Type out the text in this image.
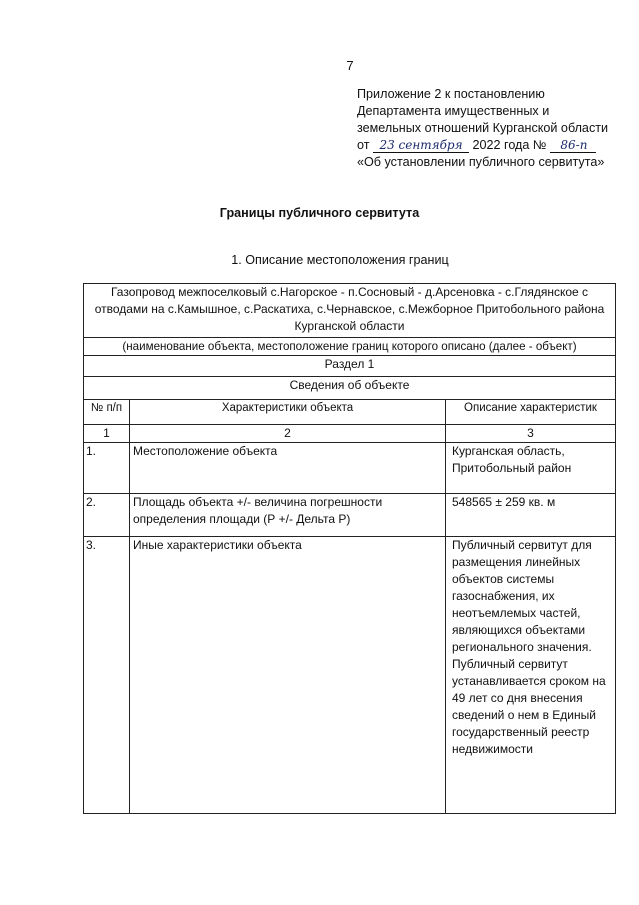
7
Приложение 2 к постановлению
Департамента имущественных и
земельных отношений Курганской области
от 23 сентября 2022 года № 86-п
«Об установлении публичного сервитута»
Границы публичного сервитута
1. Описание местоположения границ
Газопровод межпоселковый с.Нагорское - п.Сосновый - д.Арсеновка - с.Глядянское с отводами на с.Камышное, с.Раскатиха, с.Чернавское, с.Межборное Притобольного района Курганской области		
(наименование объекта, местоположение границ которого описано (далее - объект)		
Раздел 1		
Сведения об объекте		
№ п/п	Характеристики объекта	Описание характеристик
1	2	3
1.	Местоположение объекта	Курганская область, Притобольный район
2.	Площадь объекта +/- величина погрешности определения площади (Р +/- Дельта Р)	548565 ± 259 кв. м
3.	Иные характеристики объекта	Публичный сервитут для размещения линейных объектов системы газоснабжения, их неотъемлемых частей, являющихся объектами регионального значения. Публичный сервитут устанавливается сроком на 49 лет со дня внесения сведений о нем в Единый государственный реестр недвижимости
